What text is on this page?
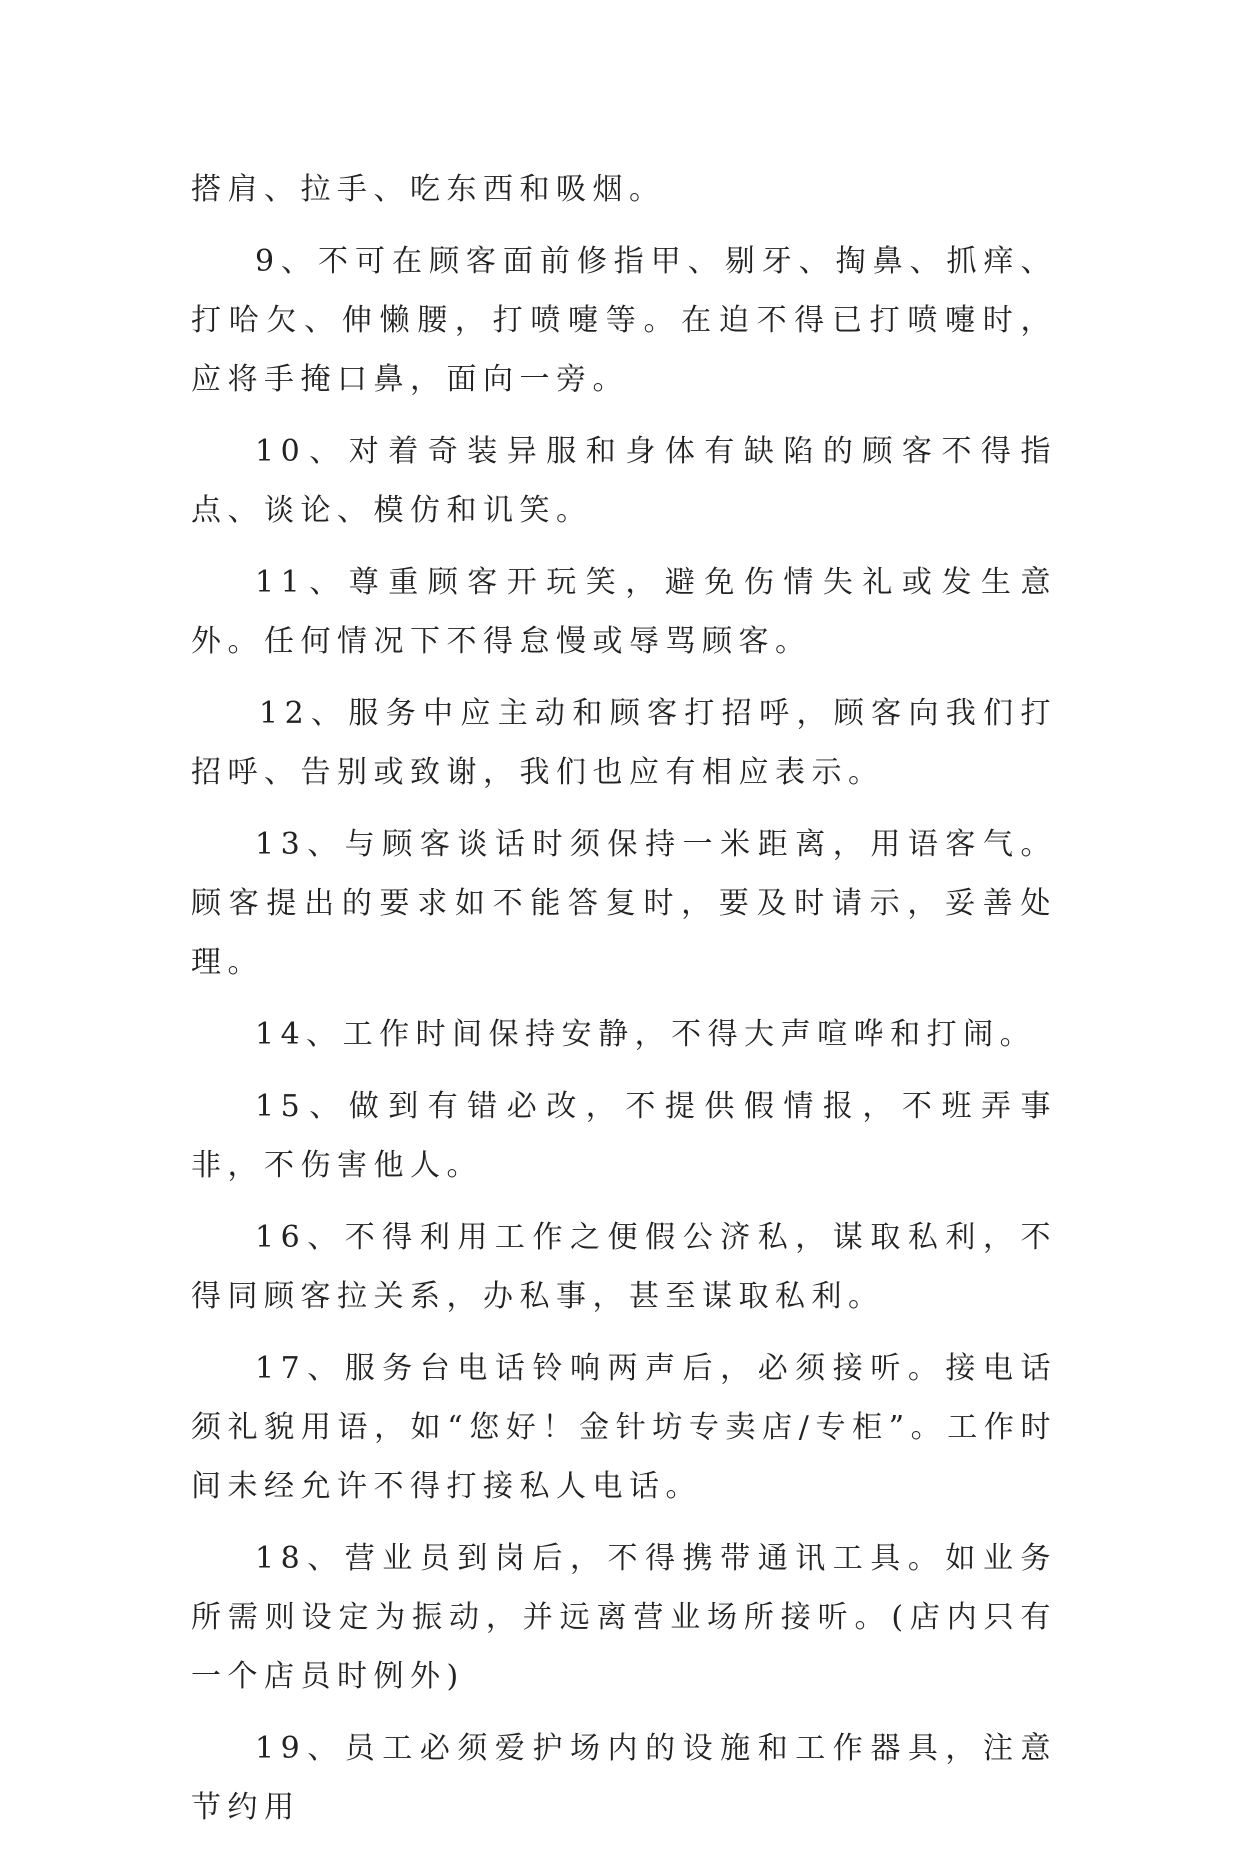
搭肩、拉手、吃东西和吸烟。

9、不可在顾客面前修指甲、剔牙、掏鼻、抓痒、打哈欠、伸懒腰，打喷嚏等。在迫不得已打喷嚏时，应将手掩口鼻，面向一旁。

10、对着奇装异服和身体有缺陷的顾客不得指点、谈论、模仿和讥笑。

11、尊重顾客开玩笑，避免伤情失礼或发生意外。任何情况下不得怠慢或辱骂顾客。

12、服务中应主动和顾客打招呼，顾客向我们打招呼、告别或致谢，我们也应有相应表示。

13、与顾客谈话时须保持一米距离，用语客气。顾客提出的要求如不能答复时，要及时请示，妥善处理。

14、工作时间保持安静，不得大声喧哗和打闹。

15、做到有错必改，不提供假情报，不班弄事非，不伤害他人。

16、不得利用工作之便假公济私，谋取私利，不得同顾客拉关系，办私事，甚至谋取私利。

17、服务台电话铃响两声后，必须接听。接电话须礼貌用语，如“您好！金针坊专卖店/专柜”。工作时间未经允许不得打接私人电话。

18、营业员到岗后，不得携带通讯工具。如业务所需则设定为振动，并远离营业场所接听。(店内只有一个店员时例外)

19、员工必须爱护场内的设施和工作器具，注意节约用
